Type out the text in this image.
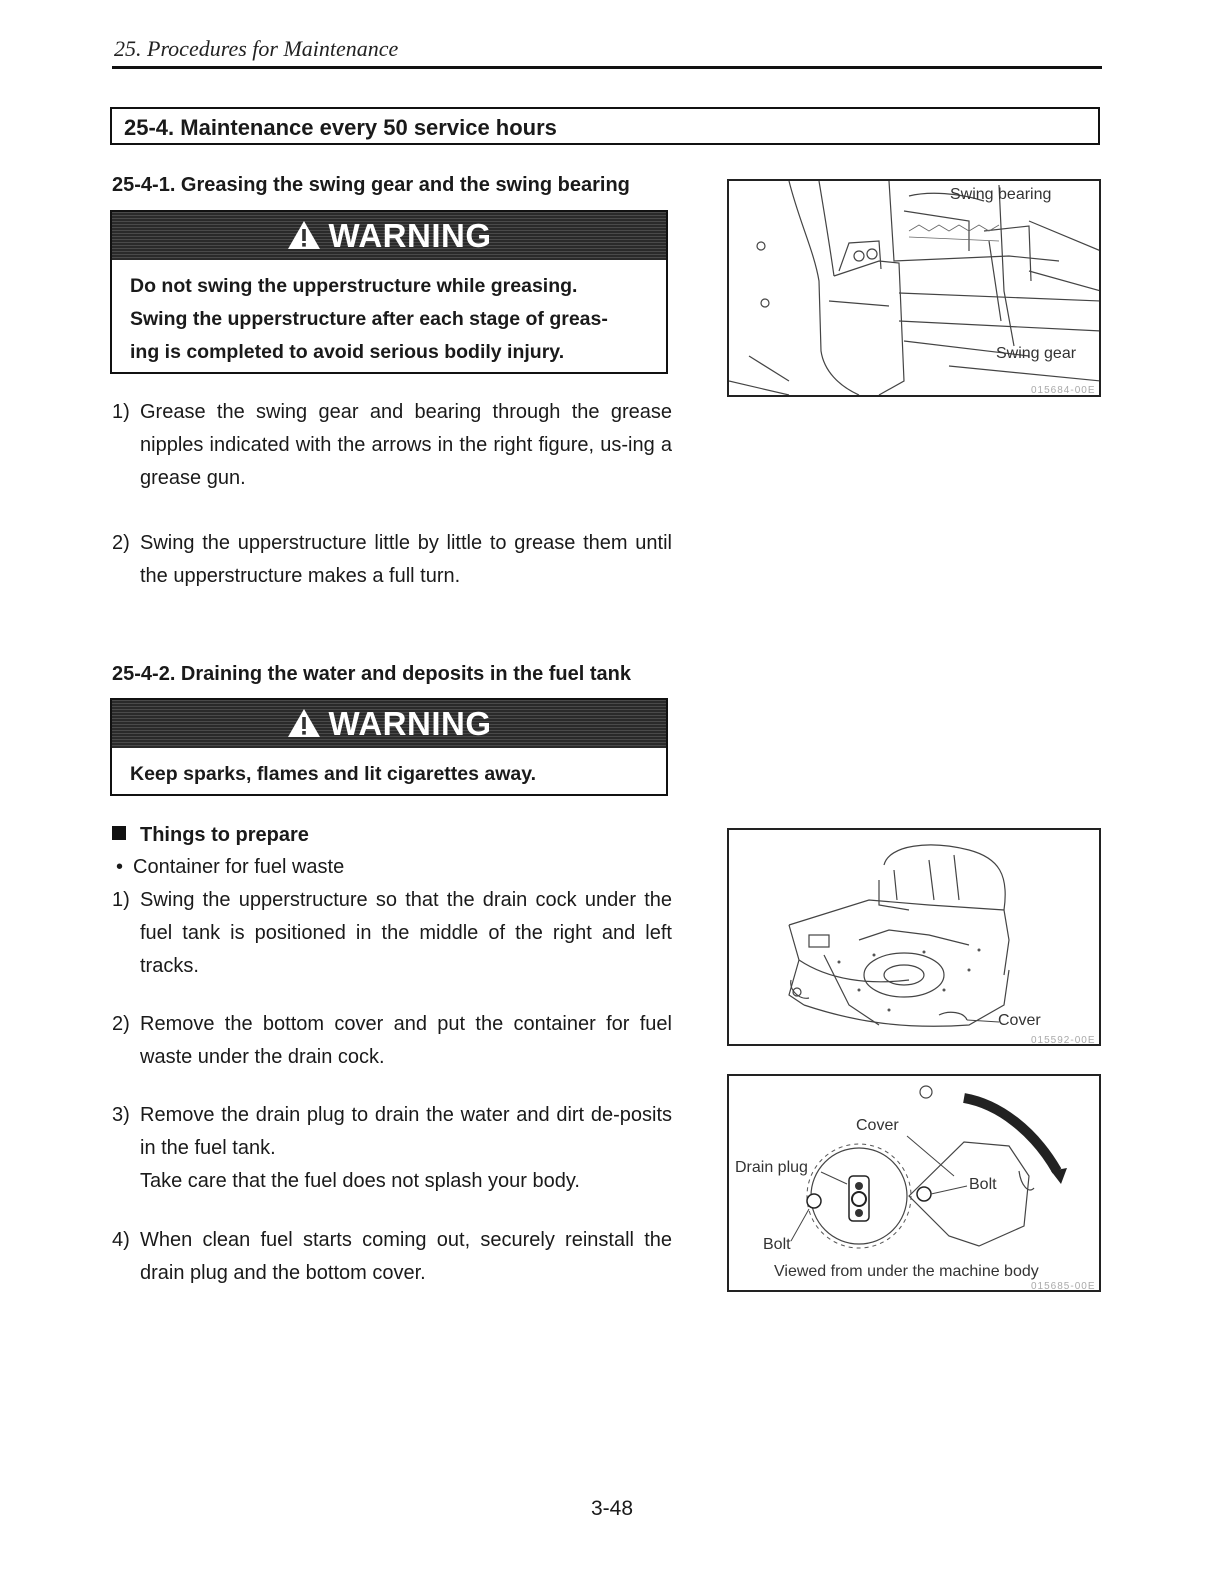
25. Procedures for Maintenance
25-4. Maintenance every 50 service hours
25-4-1. Greasing the swing gear and the swing bearing
WARNING
Do not swing the upperstructure while greasing.
Swing the upperstructure after each stage of greas-
ing is completed to avoid serious bodily injury.
1) Grease the swing gear and bearing through the grease nipples indicated with the arrows in the right figure, us-ing a grease gun.
2) Swing the upperstructure little by little to grease them until the upperstructure makes a full turn.
Swing bearing
Swing gear
015684-00E
25-4-2. Draining the water and deposits in the fuel tank
WARNING
Keep sparks, flames and lit cigarettes away.
Things to prepare
• Container for fuel waste
1) Swing the upperstructure so that the drain cock under the fuel tank is positioned in the middle of the right and left tracks.
2) Remove the bottom cover and put the container for fuel waste under the drain cock.
3) Remove the drain plug to drain the water and dirt de-posits in the fuel tank.
Take care that the fuel does not splash your body.
4) When clean fuel starts coming out, securely reinstall the drain plug and the bottom cover.
Cover
015592-00E
Cover
Drain plug
Bolt
Bolt
Viewed from under the machine body
015685-00E
3-48
